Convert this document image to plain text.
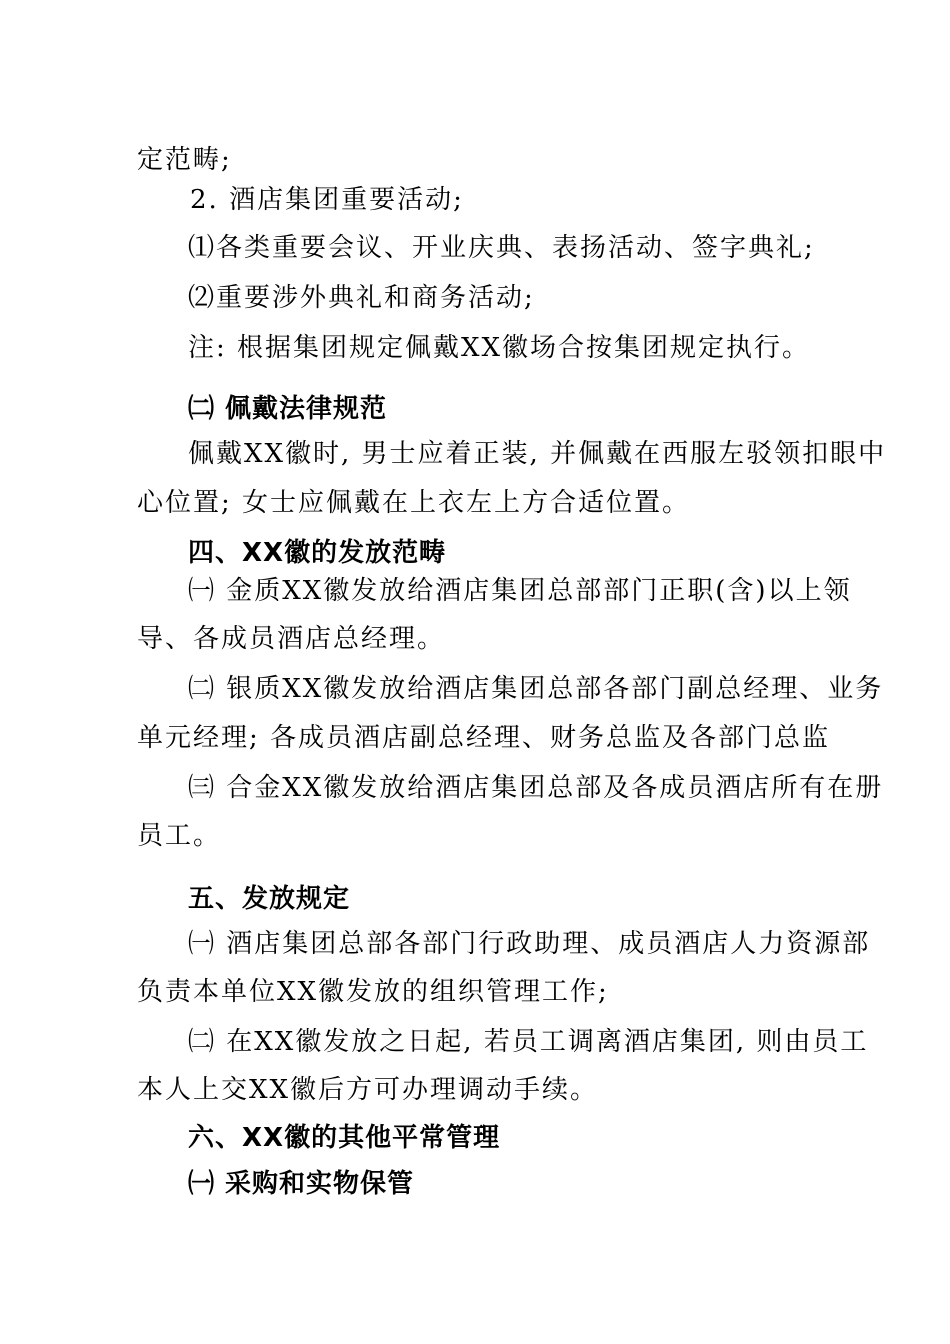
定范畴;
2. 酒店集团重要活动;
⑴各类重要会议、开业庆典、表扬活动、签字典礼;
⑵重要涉外典礼和商务活动;
注: 根据集团规定佩戴XX徽场合按集团规定执行。
㈡ 佩戴法律规范
佩戴XX徽时, 男士应着正装, 并佩戴在西服左驳领扣眼中
心位置; 女士应佩戴在上衣左上方合适位置。
四、XX徽的发放范畴
㈠ 金质XX徽发放给酒店集团总部部门正职(含)以上领
导、各成员酒店总经理。
㈡ 银质XX徽发放给酒店集团总部各部门副总经理、业务
单元经理; 各成员酒店副总经理、财务总监及各部门总监
㈢ 合金XX徽发放给酒店集团总部及各成员酒店所有在册
员工。
五、发放规定
㈠ 酒店集团总部各部门行政助理、成员酒店人力资源部
负责本单位XX徽发放的组织管理工作;
㈡ 在XX徽发放之日起, 若员工调离酒店集团, 则由员工
本人上交XX徽后方可办理调动手续。
六、XX徽的其他平常管理
㈠ 采购和实物保管
